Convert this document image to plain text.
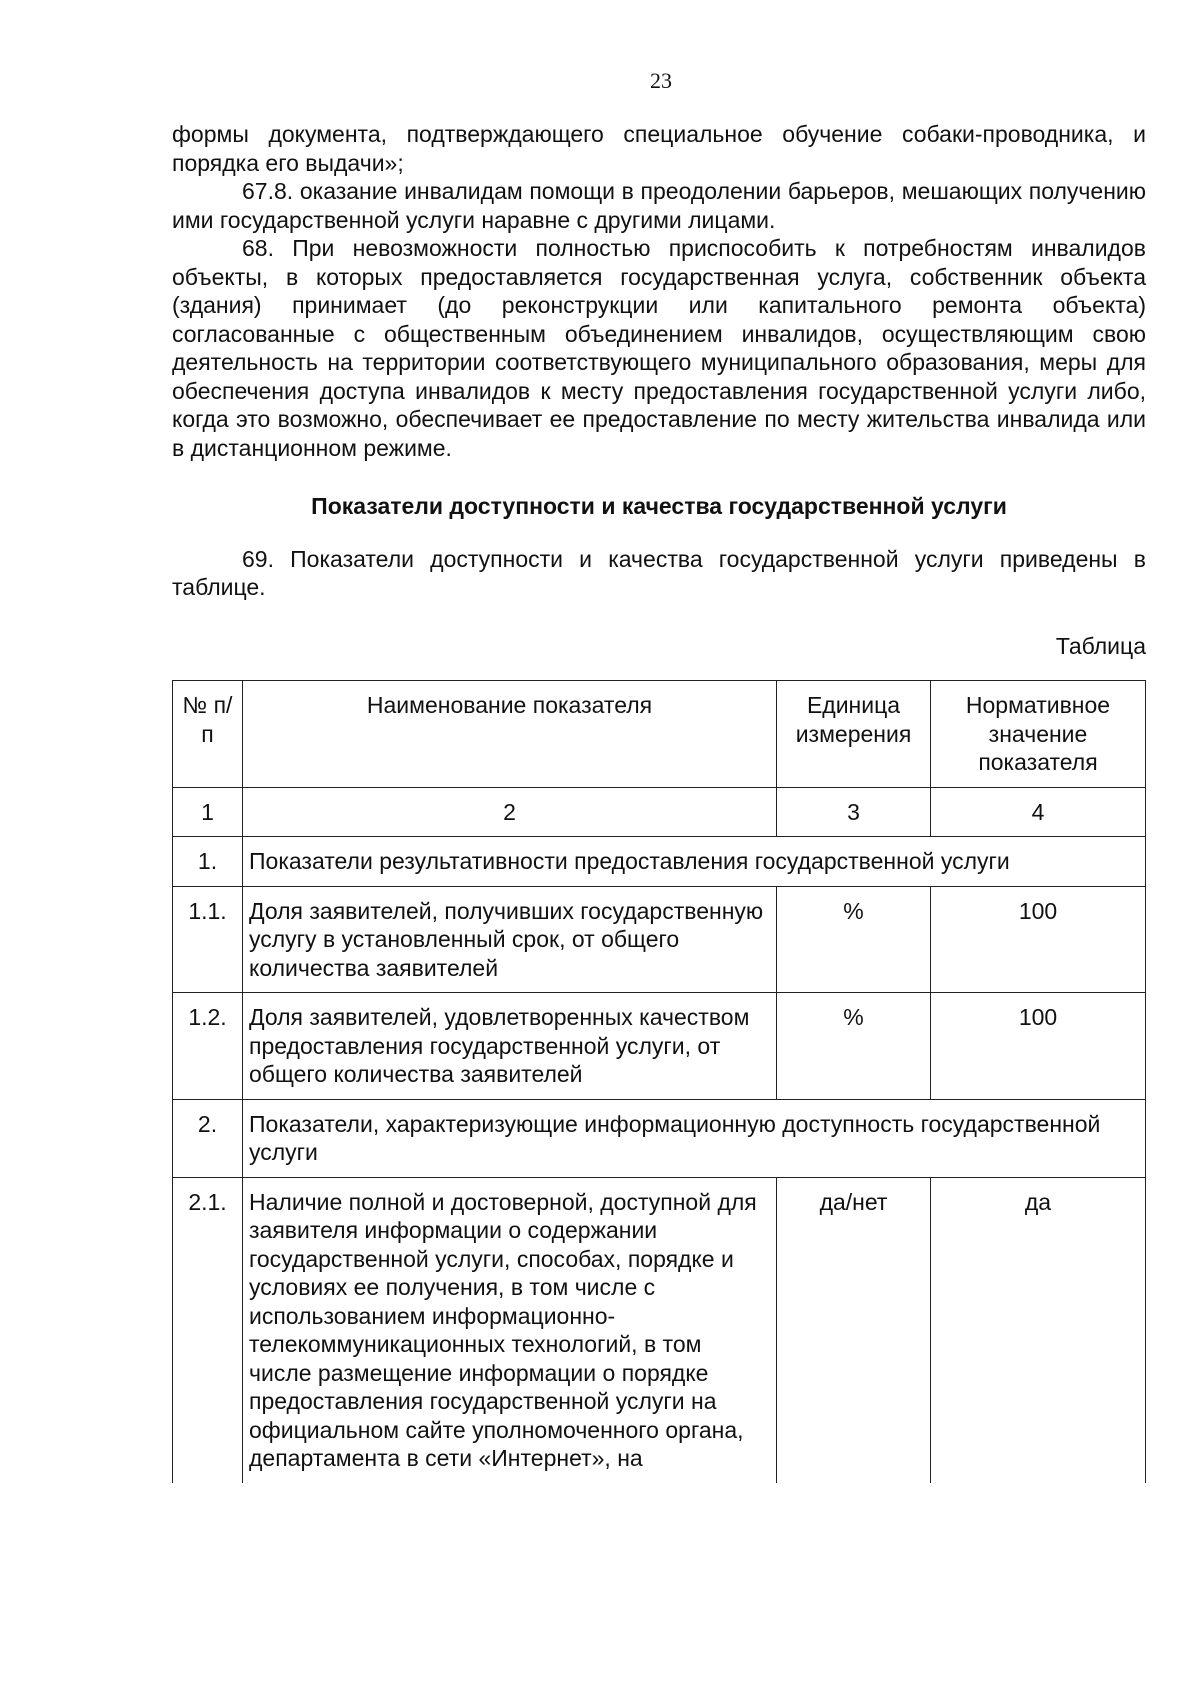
23

формы документа, подтверждающего специальное обучение собаки-проводника, и порядка его выдачи»;

67.8. оказание инвалидам помощи в преодолении барьеров, мешающих получению ими государственной услуги наравне с другими лицами.

68. При невозможности полностью приспособить к потребностям инвалидов объекты, в которых предоставляется государственная услуга, собственник объекта (здания) принимает (до реконструкции или капитального ремонта объекта) согласованные с общественным объединением инвалидов, осуществляющим свою деятельность на территории соответствующего муниципального образования, меры для обеспечения доступа инвалидов к месту предоставления государственной услуги либо, когда это возможно, обеспечивает ее предоставление по месту жительства инвалида или в дистанционном режиме.

Показатели доступности и качества государственной услуги

69. Показатели доступности и качества государственной услуги приведены в таблице.

Таблица
№ п/п	Наименование показателя	Единица измерения	Нормативное значение показателя
1	2	3	4
1.	Показатели результативности предоставления государственной услуги		
1.1.	Доля заявителей, получивших государственную услугу в установленный срок, от общего количества заявителей	%	100
1.2.	Доля заявителей, удовлетворенных качеством предоставления государственной услуги, от общего количества заявителей	%	100
2.	Показатели, характеризующие информационную доступность государственной услуги		
2.1.	Наличие полной и достоверной, доступной для заявителя информации о содержании государственной услуги, способах, порядке и условиях ее получения, в том числе с использованием информационно-телекоммуникационных технологий, в том числе размещение информации о порядке предоставления государственной услуги на официальном сайте уполномоченного органа, департамента в сети «Интернет», на	да/нет	да
